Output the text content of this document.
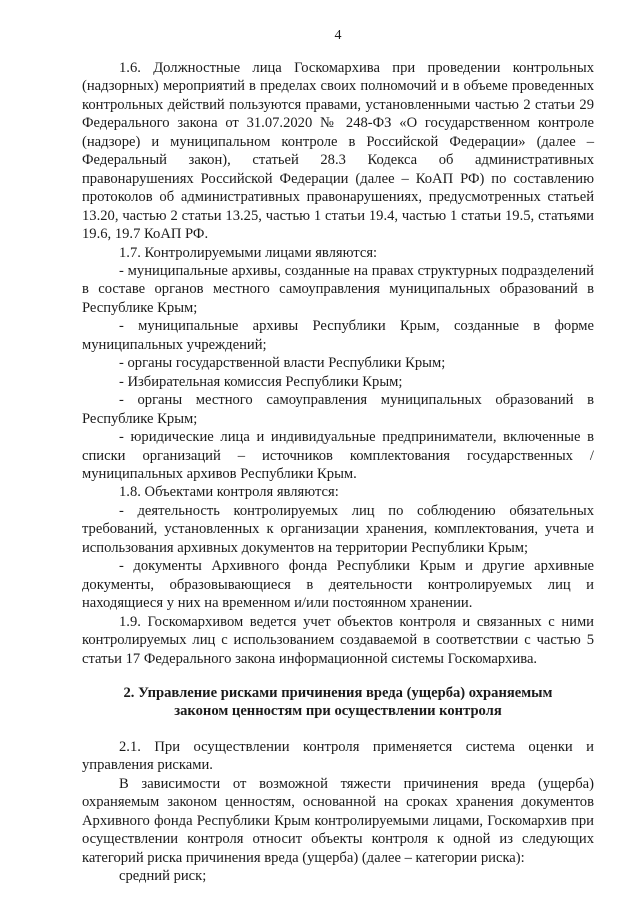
4

1.6. Должностные лица Госкомархива при проведении контрольных (надзорных) мероприятий в пределах своих полномочий и в объеме проведенных контрольных действий пользуются правами, установленными частью 2 статьи 29 Федерального закона от 31.07.2020 № 248-ФЗ «О государственном контроле (надзоре) и муниципальном контроле в Российской Федерации» (далее – Федеральный закон), статьей 28.3 Кодекса об административных правонарушениях Российской Федерации (далее – КоАП РФ) по составлению протоколов об административных правонарушениях, предусмотренных статьей 13.20, частью 2 статьи 13.25, частью 1 статьи 19.4, частью 1 статьи 19.5, статьями 19.6, 19.7 КоАП РФ.

1.7. Контролируемыми лицами являются:

- муниципальные архивы, созданные на правах структурных подразделений в составе органов местного самоуправления муниципальных образований в Республике Крым;

- муниципальные архивы Республики Крым, созданные в форме муниципальных учреждений;

- органы государственной власти Республики Крым;

- Избирательная комиссия Республики Крым;

- органы местного самоуправления муниципальных образований в Республике Крым;

- юридические лица и индивидуальные предприниматели, включенные в списки организаций – источников комплектования государственных / муниципальных архивов Республики Крым.

1.8. Объектами контроля являются:

- деятельность контролируемых лиц по соблюдению обязательных требований, установленных к организации хранения, комплектования, учета и использования архивных документов на территории Республики Крым;

- документы Архивного фонда Республики Крым и другие архивные документы, образовывающиеся в деятельности контролируемых лиц и находящиеся у них на временном и/или постоянном хранении.

1.9. Госкомархивом ведется учет объектов контроля и связанных с ними контролируемых лиц с использованием создаваемой в соответствии с частью 5 статьи 17 Федерального закона информационной системы Госкомархива.

2. Управление рисками причинения вреда (ущерба) охраняемым
законом ценностям при осуществлении контроля

2.1. При осуществлении контроля применяется система оценки и управления рисками.

В зависимости от возможной тяжести причинения вреда (ущерба) охраняемым законом ценностям, основанной на сроках хранения документов Архивного фонда Республики Крым контролируемыми лицами, Госкомархив при осуществлении контроля относит объекты контроля к одной из следующих категорий риска причинения вреда (ущерба) (далее – категории риска):

средний риск;
